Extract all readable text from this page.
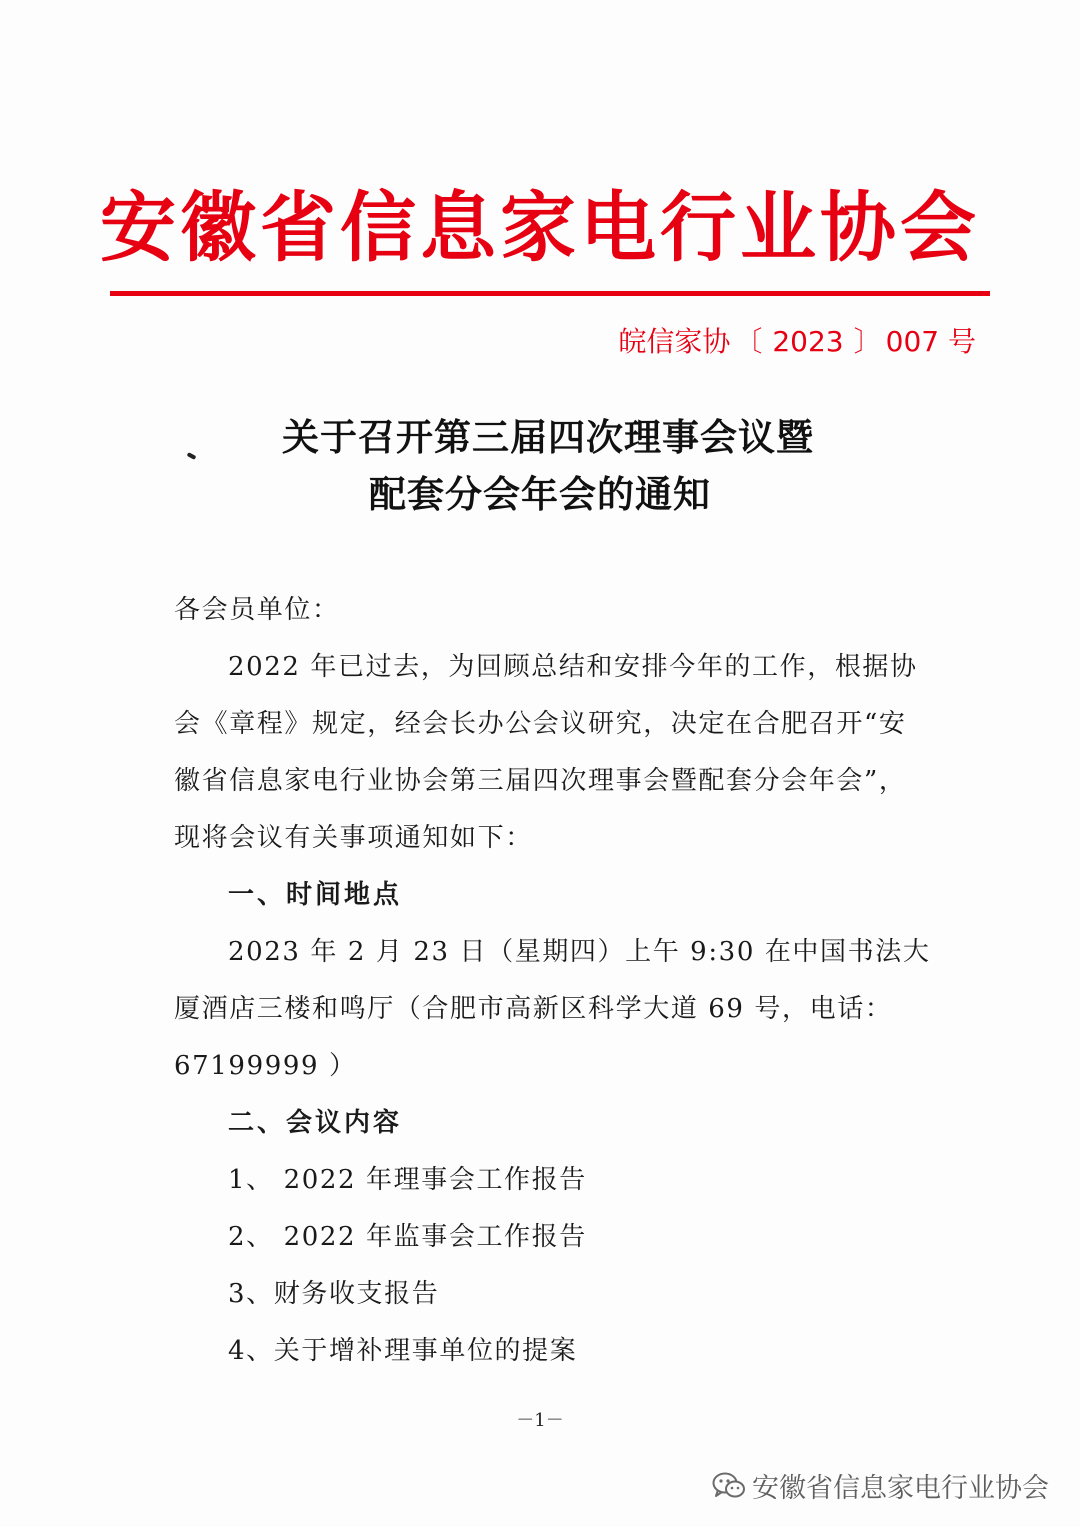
安徽省信息家电行业协会
皖信家协 〔 2023 〕 007 号
关于召开第三届四次理事会议暨
配套分会年会的通知
各会员单位：
2022 年已过去，为回顾总结和安排今年的工作，根据协
会《章程》规定，经会长办公会议研究，决定在合肥召开“安
徽省信息家电行业协会第三届四次理事会暨配套分会年会”，
现将会议有关事项通知如下：
一、时间地点
2023 年 2 月 23 日（星期四）上午 9:30 在中国书法大
厦酒店三楼和鸣厅（合肥市高新区科学大道 69 号，电话：
67199999 ）
二、会议内容
1、 2022 年理事会工作报告
2、 2022 年监事会工作报告
3、财务收支报告
4、关于增补理事单位的提案
－1－
安徽省信息家电行业协会
